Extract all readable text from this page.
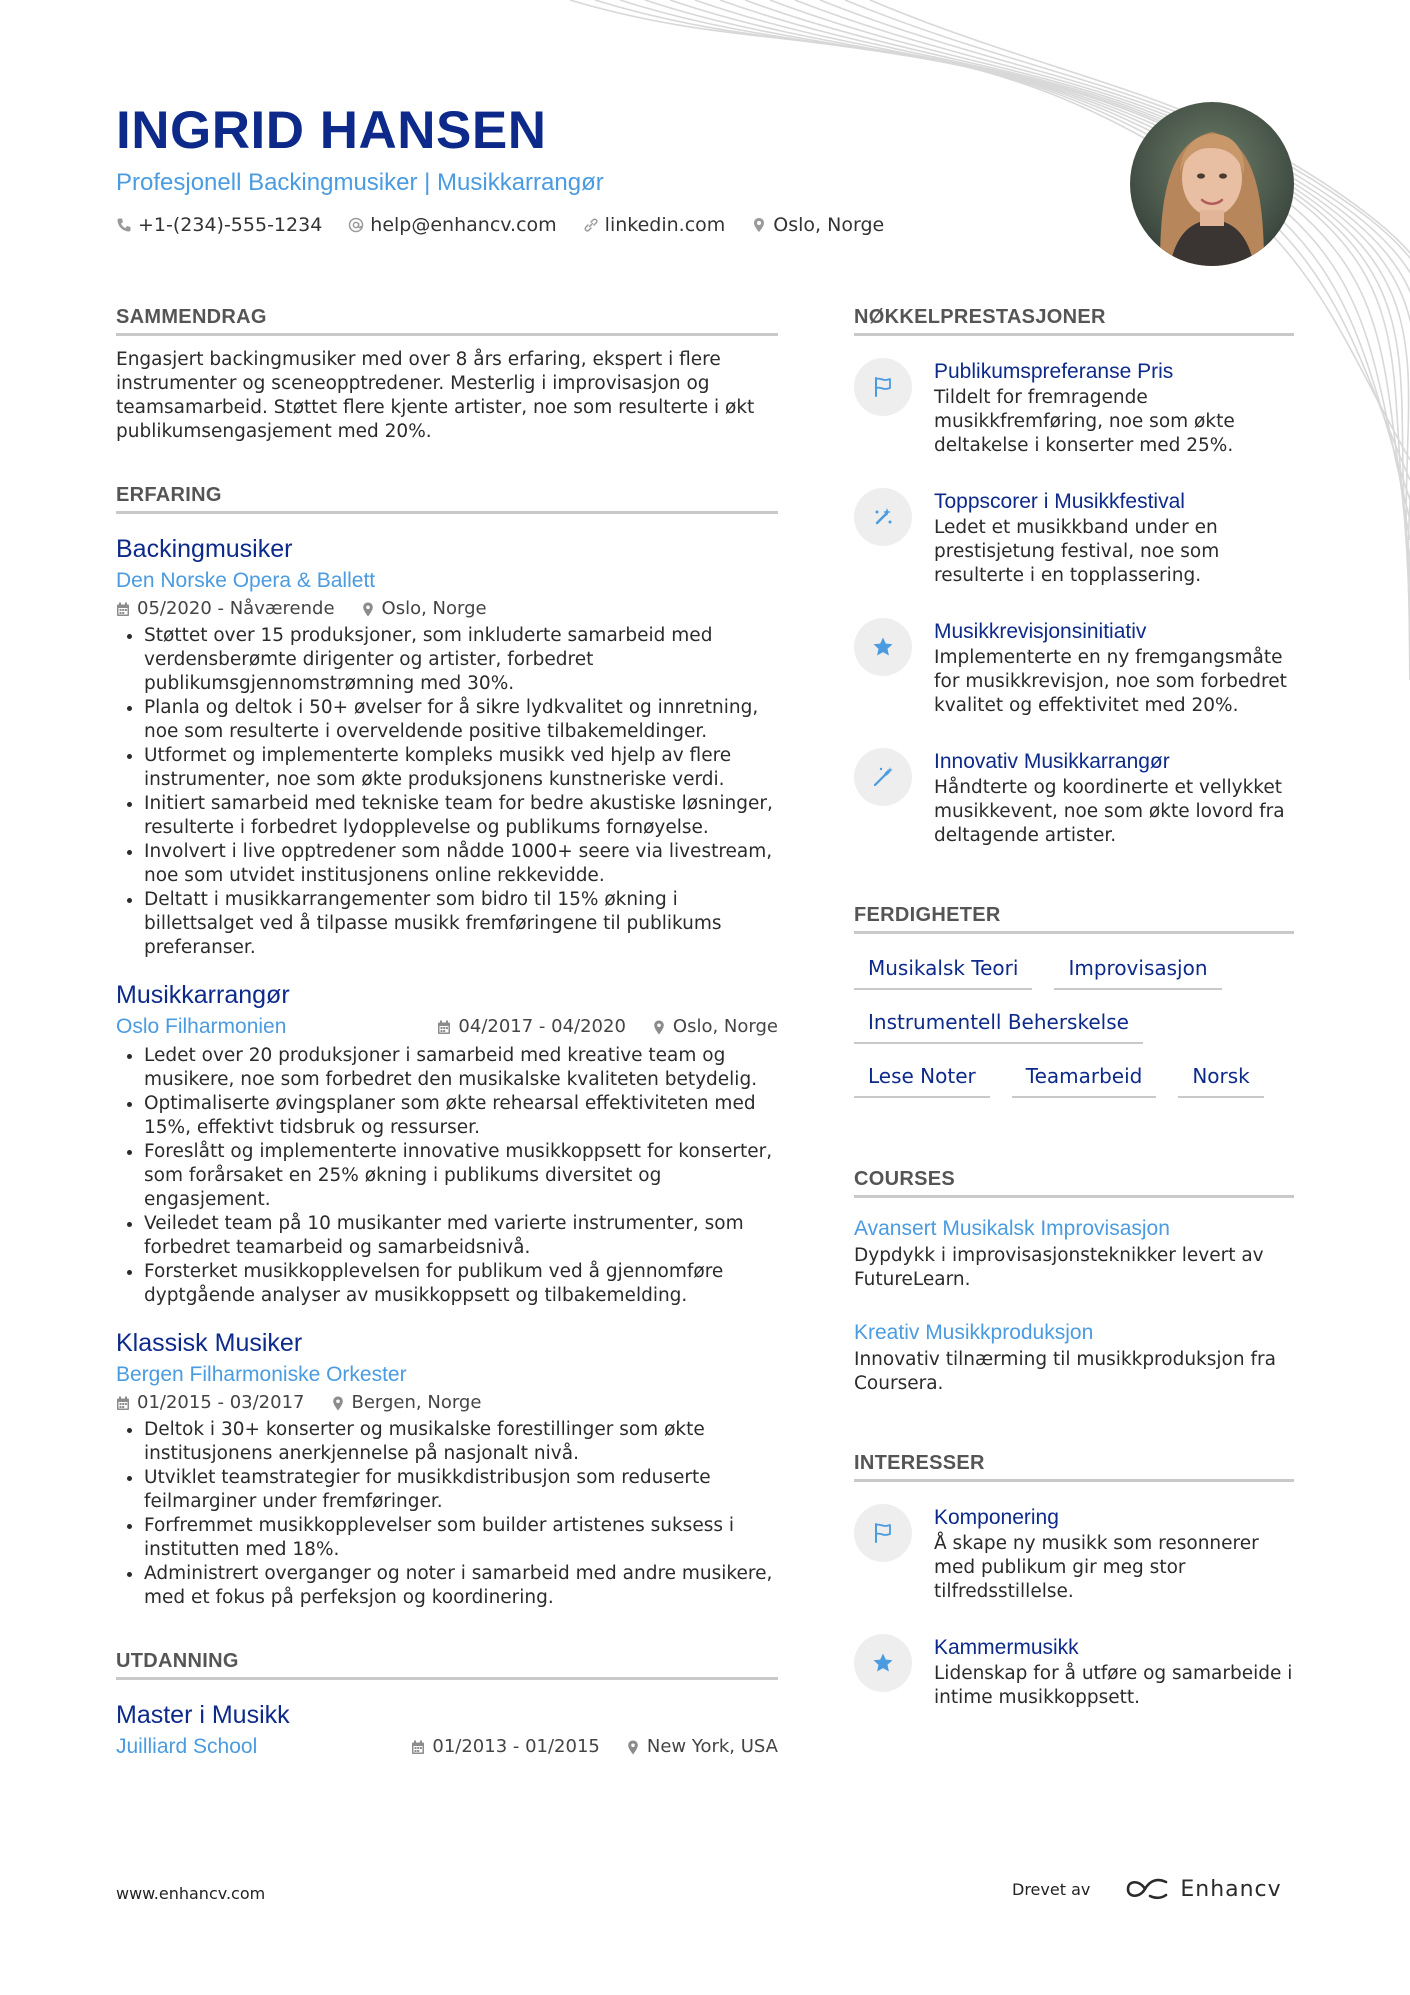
INGRID HANSEN
Profesjonell Backingmusiker | Musikkarrangør
+1-(234)-555-1234	help@enhancv.com	linkedin.com	Oslo, Norge
SAMMENDRAG
Engasjert backingmusiker med over 8 års erfaring, ekspert i flere instrumenter og sceneopptredener. Mesterlig i improvisasjon og teamsamarbeid. Støttet flere kjente artister, noe som resulterte i økt publikumsengasjement med 20%.
ERFARING
Backingmusiker
Den Norske Opera & Ballett
05/2020 - Nåværende	Oslo, Norge
• Støttet over 15 produksjoner, som inkluderte samarbeid med verdensberømte dirigenter og artister, forbedret publikumsgjennomstrømning med 30%.
• Planla og deltok i 50+ øvelser for å sikre lydkvalitet og innretning, noe som resulterte i overveldende positive tilbakemeldinger.
• Utformet og implementerte kompleks musikk ved hjelp av flere instrumenter, noe som økte produksjonens kunstneriske verdi.
• Initiert samarbeid med tekniske team for bedre akustiske løsninger, resulterte i forbedret lydopplevelse og publikums fornøyelse.
• Involvert i live opptredener som nådde 1000+ seere via livestream, noe som utvidet institusjonens online rekkevidde.
• Deltatt i musikkarrangementer som bidro til 15% økning i billettsalget ved å tilpasse musikk fremføringene til publikums preferanser.
Musikkarrangør
Oslo Filharmonien	04/2017 - 04/2020	Oslo, Norge
• Ledet over 20 produksjoner i samarbeid med kreative team og musikere, noe som forbedret den musikalske kvaliteten betydelig.
• Optimaliserte øvingsplaner som økte rehearsal effektiviteten med 15%, effektivt tidsbruk og ressurser.
• Foreslått og implementerte innovative musikkoppsett for konserter, som forårsaket en 25% økning i publikums diversitet og engasjement.
• Veiledet team på 10 musikanter med varierte instrumenter, som forbedret teamarbeid og samarbeidsnivå.
• Forsterket musikkopplevelsen for publikum ved å gjennomføre dyptgående analyser av musikkoppsett og tilbakemelding.
Klassisk Musiker
Bergen Filharmoniske Orkester
01/2015 - 03/2017	Bergen, Norge
• Deltok i 30+ konserter og musikalske forestillinger som økte institusjonens anerkjennelse på nasjonalt nivå.
• Utviklet teamstrategier for musikkdistribusjon som reduserte feilmarginer under fremføringer.
• Forfremmet musikkopplevelser som builder artistenes suksess i institutten med 18%.
• Administrert overganger og noter i samarbeid med andre musikere, med et fokus på perfeksjon og koordinering.
UTDANNING
Master i Musikk
Juilliard School	01/2013 - 01/2015	New York, USA
NØKKELPRESTASJONER
Publikumspreferanse Pris
Tildelt for fremragende musikkfremføring, noe som økte deltakelse i konserter med 25%.
Toppscorer i Musikkfestival
Ledet et musikkband under en prestisjetung festival, noe som resulterte i en topplassering.
Musikkrevisjonsinitiativ
Implementerte en ny fremgangsmåte for musikkrevisjon, noe som forbedret kvalitet og effektivitet med 20%.
Innovativ Musikkarrangør
Håndterte og koordinerte et vellykket musikkevent, noe som økte lovord fra deltagende artister.
FERDIGHETER
Musikalsk Teori	Improvisasjon
Instrumentell Beherskelse
Lese Noter	Teamarbeid	Norsk
COURSES
Avansert Musikalsk Improvisasjon
Dypdykk i improvisasjonsteknikker levert av FutureLearn.
Kreativ Musikkproduksjon
Innovativ tilnærming til musikkproduksjon fra Coursera.
INTERESSER
Komponering
Å skape ny musikk som resonnerer med publikum gir meg stor tilfredsstillelse.
Kammermusikk
Lidenskap for å utføre og samarbeide i intime musikkoppsett.
www.enhancv.com	Drevet av	Enhancv
